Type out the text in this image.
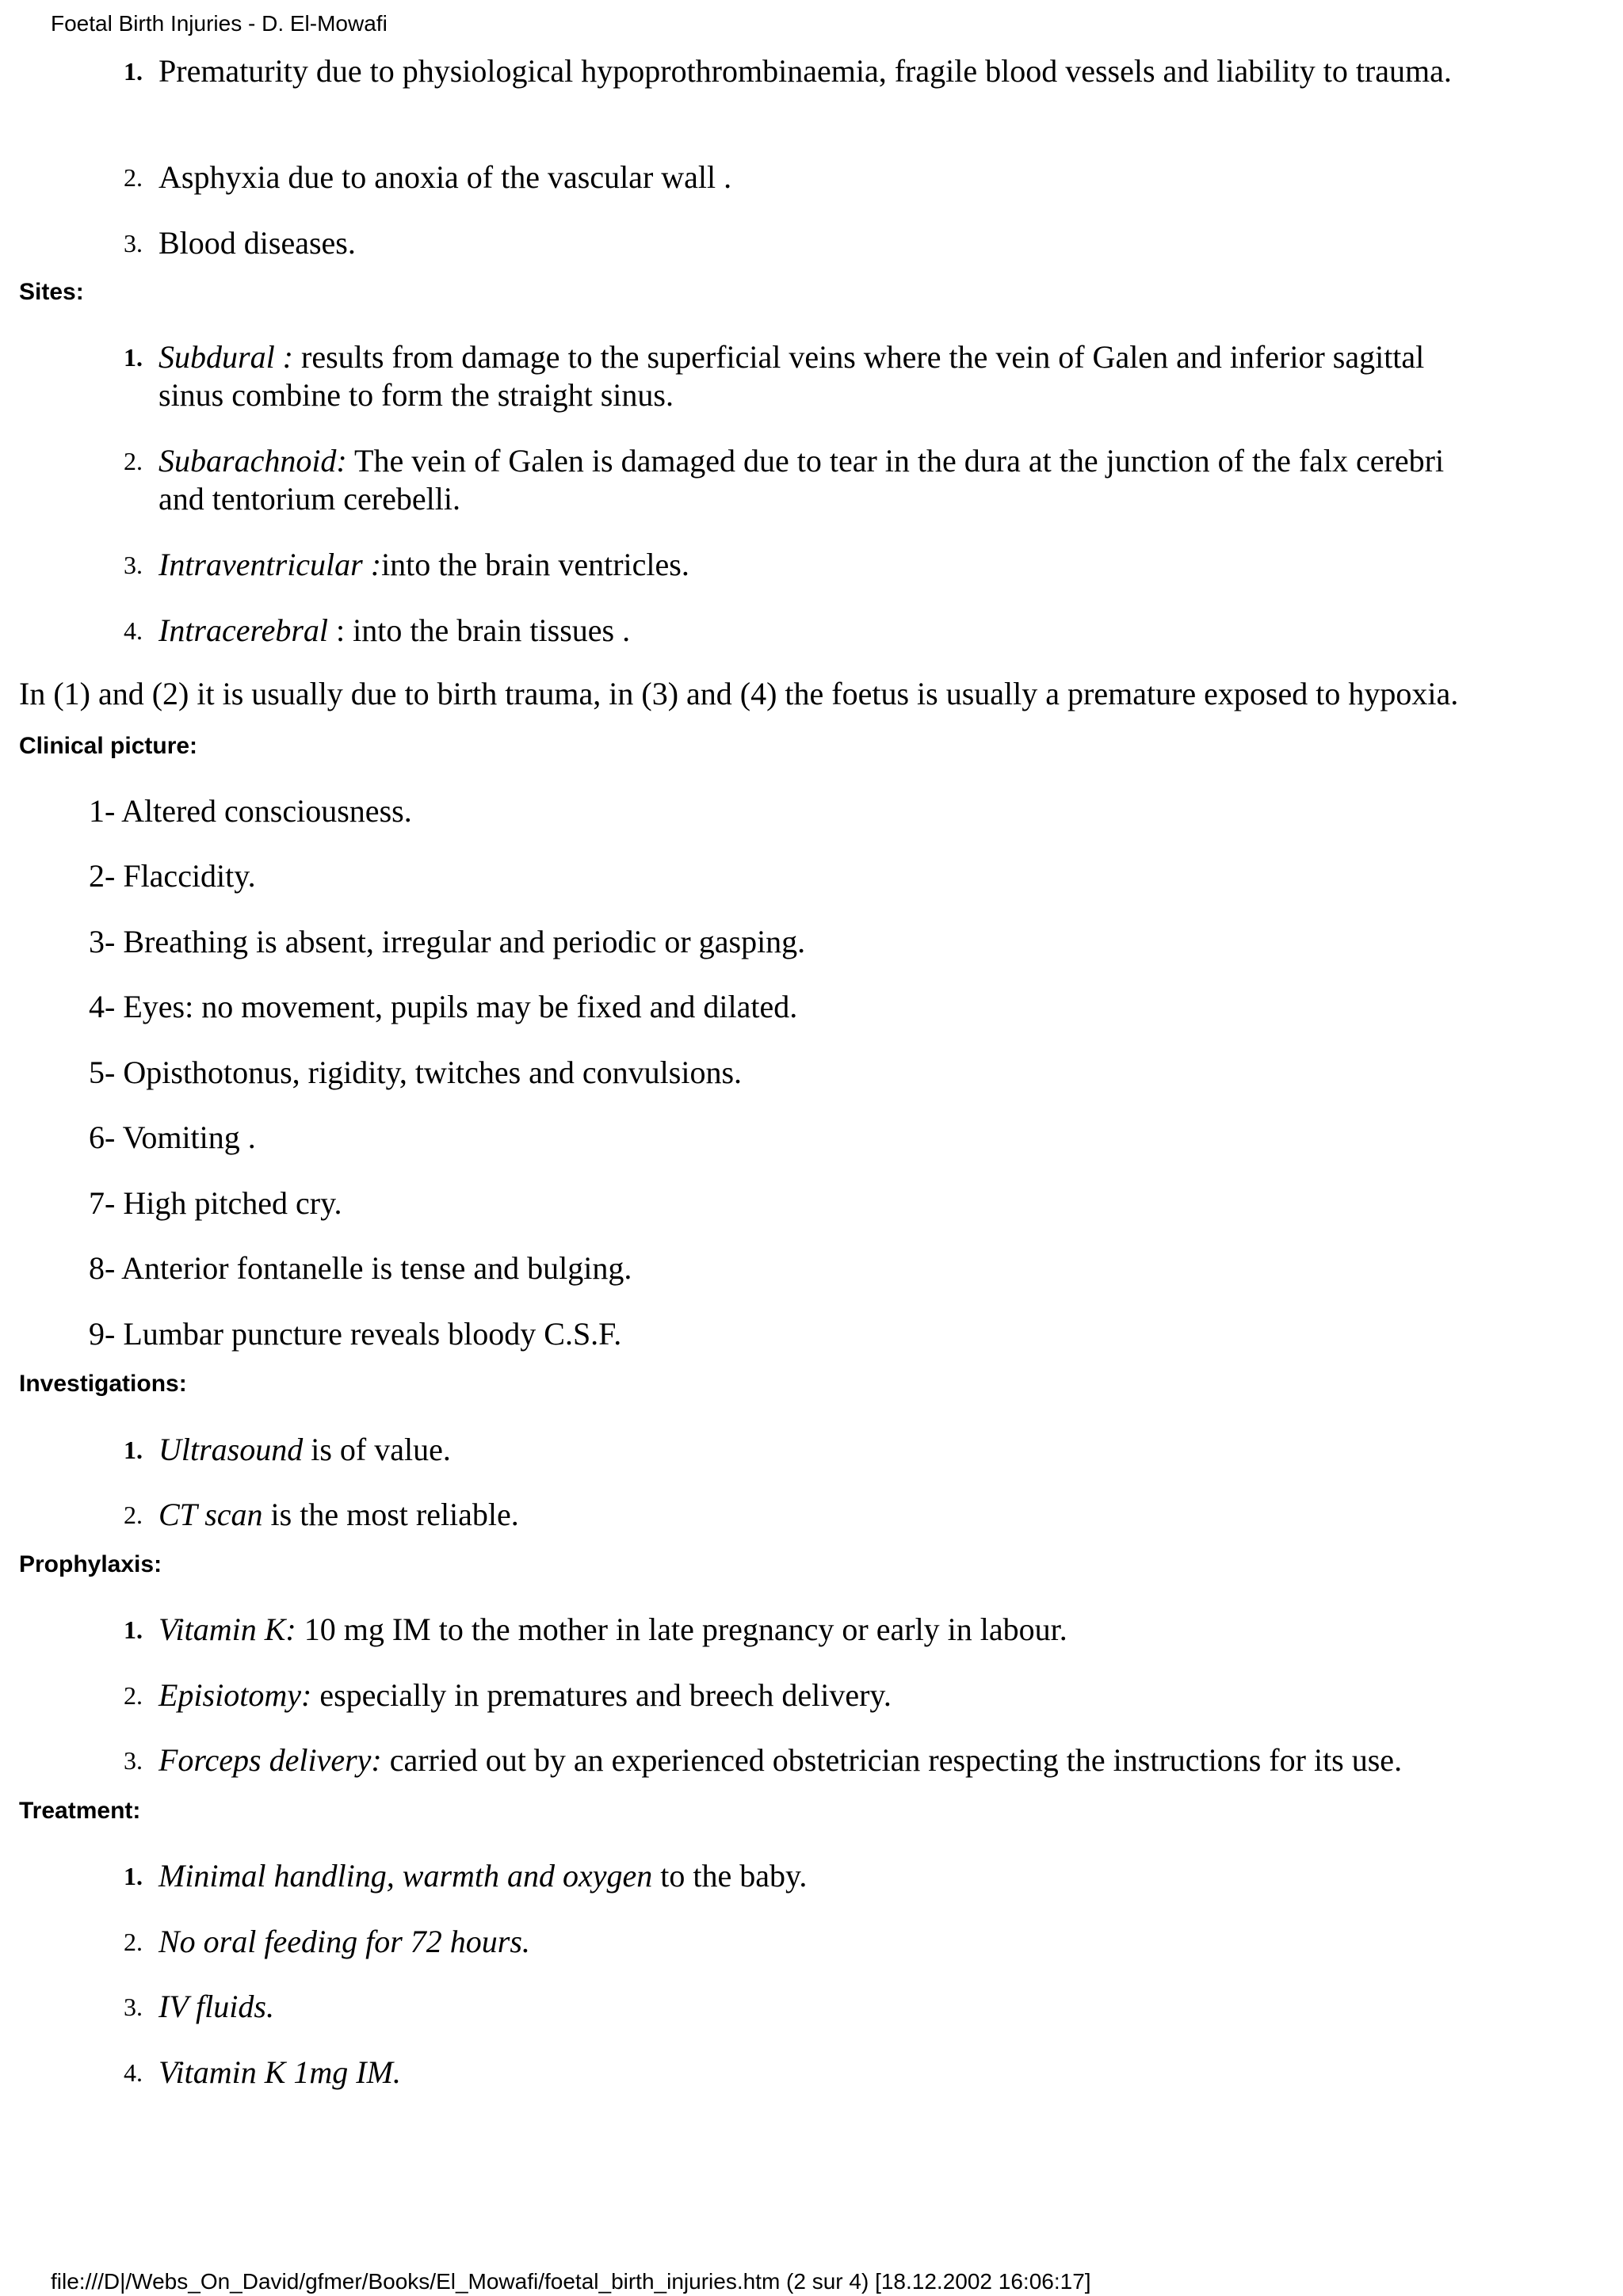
Foetal Birth Injuries - D. El-Mowafi
1. Prematurity due to physiological hypoprothrombinaemia, fragile blood vessels and liability to trauma.
2. Asphyxia due to anoxia of the vascular wall .
3. Blood diseases.
Sites:
1. Subdural : results from damage to the superficial veins where the vein of Galen and inferior sagittal sinus combine to form the straight sinus.
2. Subarachnoid: The vein of Galen is damaged due to tear in the dura at the junction of the falx cerebri and tentorium cerebelli.
3. Intraventricular :into the brain ventricles.
4. Intracerebral : into the brain tissues .
In (1) and (2) it is usually due to birth trauma, in (3) and (4) the foetus is usually a premature exposed to hypoxia.
Clinical picture:
1- Altered consciousness.
2- Flaccidity.
3- Breathing is absent, irregular and periodic or gasping.
4- Eyes: no movement, pupils may be fixed and dilated.
5- Opisthotonus, rigidity, twitches and convulsions.
6- Vomiting .
7- High pitched cry.
8- Anterior fontanelle is tense and bulging.
9- Lumbar puncture reveals bloody C.S.F.
Investigations:
1. Ultrasound is of value.
2. CT scan is the most reliable.
Prophylaxis:
1. Vitamin K: 10 mg IM to the mother in late pregnancy or early in labour.
2. Episiotomy: especially in prematures and breech delivery.
3. Forceps delivery: carried out by an experienced obstetrician respecting the instructions for its use.
Treatment:
1. Minimal handling, warmth and oxygen to the baby.
2. No oral feeding for 72 hours.
3. IV fluids.
4. Vitamin K 1mg IM.
file:///D|/Webs_On_David/gfmer/Books/El_Mowafi/foetal_birth_injuries.htm (2 sur 4) [18.12.2002 16:06:17]
